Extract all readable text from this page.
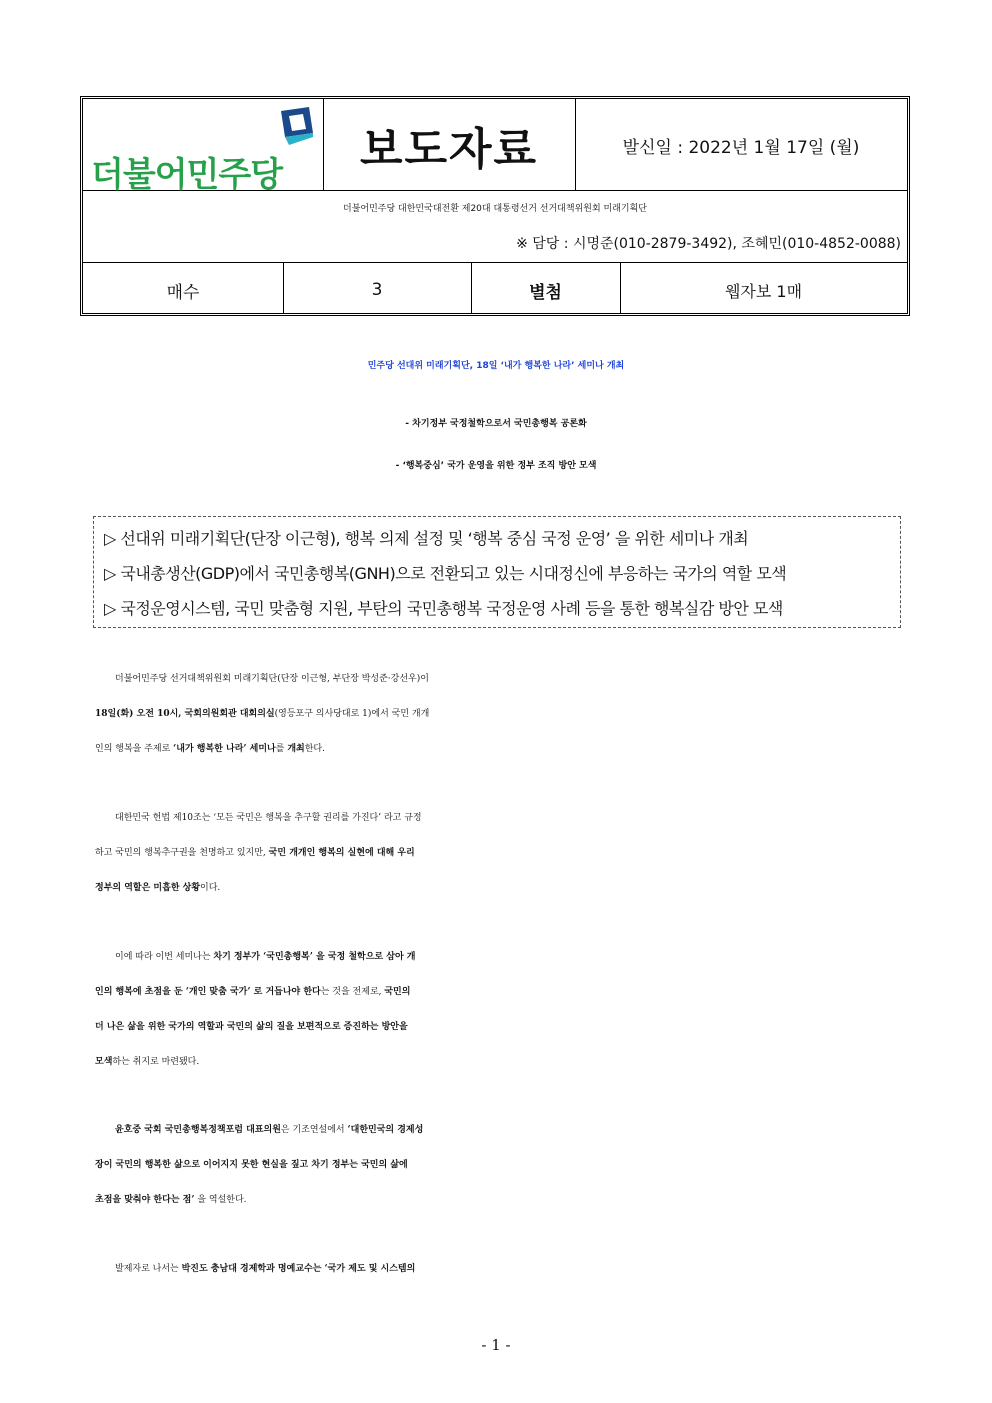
더불어민주당	보도자료	발신일 : 2022년 1월 17일 (월)
더불어민주당 대한민국대전환 제20대 대통령선거 선거대책위원회 미래기획단
※ 담당 : 시명준(010-2879-3492), 조혜민(010-4852-0088)
매수	3	별첨	웹자보 1매
민주당 선대위 미래기획단, 18일 ‘내가 행복한 나라’ 세미나 개최
- 차기정부 국정철학으로서 국민총행복 공론화
- ‘행복중심’ 국가 운영을 위한 정부 조직 방안 모색
▷ 선대위 미래기획단(단장 이근형), 행복 의제 설정 및 ‘행복 중심 국정 운영’ 을 위한 세미나 개최
▷ 국내총생산(GDP)에서 국민총행복(GNH)으로 전환되고 있는 시대정신에 부응하는 국가의 역할 모색
▷ 국정운영시스템, 국민 맞춤형 지원, 부탄의 국민총행복 국정운영 사례 등을 통한 행복실감 방안 모색
더불어민주당 선거대책위원회 미래기획단(단장 이근형, 부단장 박성준·강선우)이
18일(화) 오전 10시, 국회의원회관 대회의실(영등포구 의사당대로 1)에서 국민 개개
인의 행복을 주제로 ‘내가 행복한 나라’ 세미나를 개최한다.
대한민국 헌법 제10조는 ‘모든 국민은 행복을 추구할 권리를 가진다’ 라고 규정
하고 국민의 행복추구권을 천명하고 있지만, 국민 개개인 행복의 실현에 대해 우리
정부의 역할은 미흡한 상황이다.
이에 따라 이번 세미나는 차기 정부가 ‘국민총행복’ 을 국정 철학으로 삼아 개
인의 행복에 초점을 둔 ‘개인 맞춤 국가’ 로 거듭나야 한다는 것을 전제로, 국민의
더 나은 삶을 위한 국가의 역할과 국민의 삶의 질을 보편적으로 증진하는 방안을
모색하는 취지로 마련됐다.
윤호중 국회 국민총행복정책포럼 대표의원은 기조연설에서 ‘대한민국의 경제성
장이 국민의 행복한 삶으로 이어지지 못한 현실을 짚고 차기 정부는 국민의 삶에
초점을 맞춰야 한다는 점’ 을 역설한다.
발제자로 나서는 박진도 충남대 경제학과 명예교수는 ‘국가 제도 및 시스템의
- 1 -
